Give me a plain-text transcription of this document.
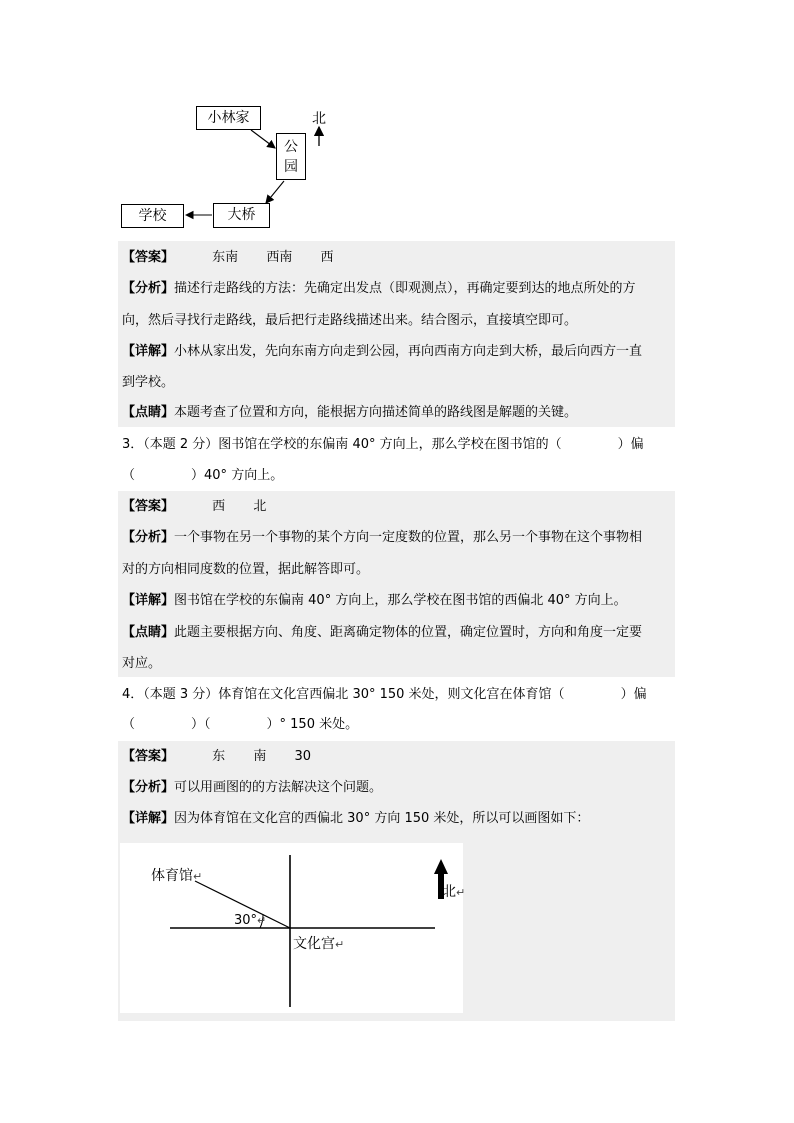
小林家
公
园
大桥
学校
北
【答案】	东南 西南 西
【分析】描述行走路线的方法：先确定出发点（即观测点），再确定要到达的地点所处的方
向，然后寻找行走路线，最后把行走路线描述出来。结合图示，直接填空即可。
【详解】小林从家出发，先向东南方向走到公园，再向西南方向走到大桥，最后向西方一直
到学校。
【点睛】本题考查了位置和方向，能根据方向描述简单的路线图是解题的关键。
3．（本题 2 分）图书馆在学校的东偏南 40° 方向上，那么学校在图书馆的（	）偏
（	）40° 方向上。
【答案】	西 北
【分析】一个事物在另一个事物的某个方向一定度数的位置，那么另一个事物在这个事物相
对的方向相同度数的位置，据此解答即可。
【详解】图书馆在学校的东偏南 40° 方向上，那么学校在图书馆的西偏北 40° 方向上。
【点睛】此题主要根据方向、角度、距离确定物体的位置，确定位置时，方向和角度一定要
对应。
4．（本题 3 分）体育馆在文化宫西偏北 30° 150 米处，则文化宫在体育馆（	）偏
（	）（	）° 150 米处。
【答案】	东 南 30
【分析】可以用画图的的方法解决这个问题。
【详解】因为体育馆在文化宫的西偏北 30° 方向 150 米处，所以可以画图如下：
体育馆↵
30°↵
文化宫↵
北↵
